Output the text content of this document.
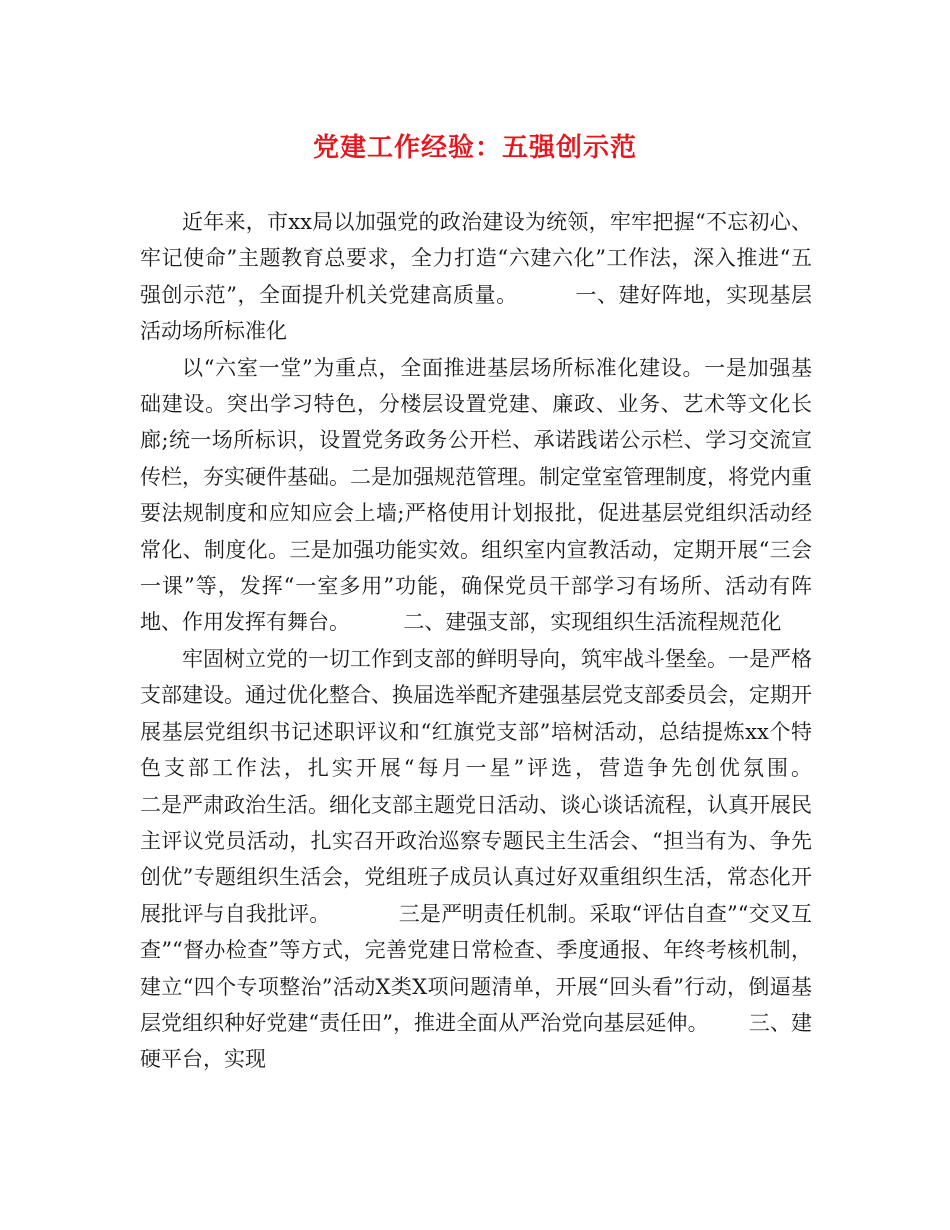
党建工作经验：五强创示范

近年来，市xx局以加强党的政治建设为统领，牢牢把握“不忘初心、牢记使命”主题教育总要求，全力打造“六建六化”工作法，深入推进“五强创示范”，全面提升机关党建高质量。        一、建好阵地，实现基层活动场所标准化

以“六室一堂”为重点，全面推进基层场所标准化建设。一是加强基础建设。突出学习特色，分楼层设置党建、廉政、业务、艺术等文化长廊;统一场所标识，设置党务政务公开栏、承诺践诺公示栏、学习交流宣传栏，夯实硬件基础。二是加强规范管理。制定堂室管理制度，将党内重要法规制度和应知应会上墙;严格使用计划报批，促进基层党组织活动经常化、制度化。三是加强功能实效。组织室内宣教活动，定期开展“三会一课”等，发挥“一室多用”功能，确保党员干部学习有场所、活动有阵地、作用发挥有舞台。        二、建强支部，实现组织生活流程规范化

牢固树立党的一切工作到支部的鲜明导向，筑牢战斗堡垒。一是严格支部建设。通过优化整合、换届选举配齐建强基层党支部委员会，定期开展基层党组织书记述职评议和“红旗党支部”培树活动，总结提炼xx个特色支部工作法，扎实开展“每月一星”评选，营造争先创优氛围。                二是严肃政治生活。细化支部主题党日活动、谈心谈话流程，认真开展民主评议党员活动，扎实召开政治巡察专题民主生活会、“担当有为、争先创优”专题组织生活会，党组班子成员认真过好双重组织生活，常态化开展批评与自我批评。          三是严明责任机制。采取“评估自查”“交叉互查”“督办检查”等方式，完善党建日常检查、季度通报、年终考核机制，建立“四个专项整治”活动X类X项问题清单，开展“回头看”行动，倒逼基层党组织种好党建“责任田”，推进全面从严治党向基层延伸。      三、建硬平台，实现
